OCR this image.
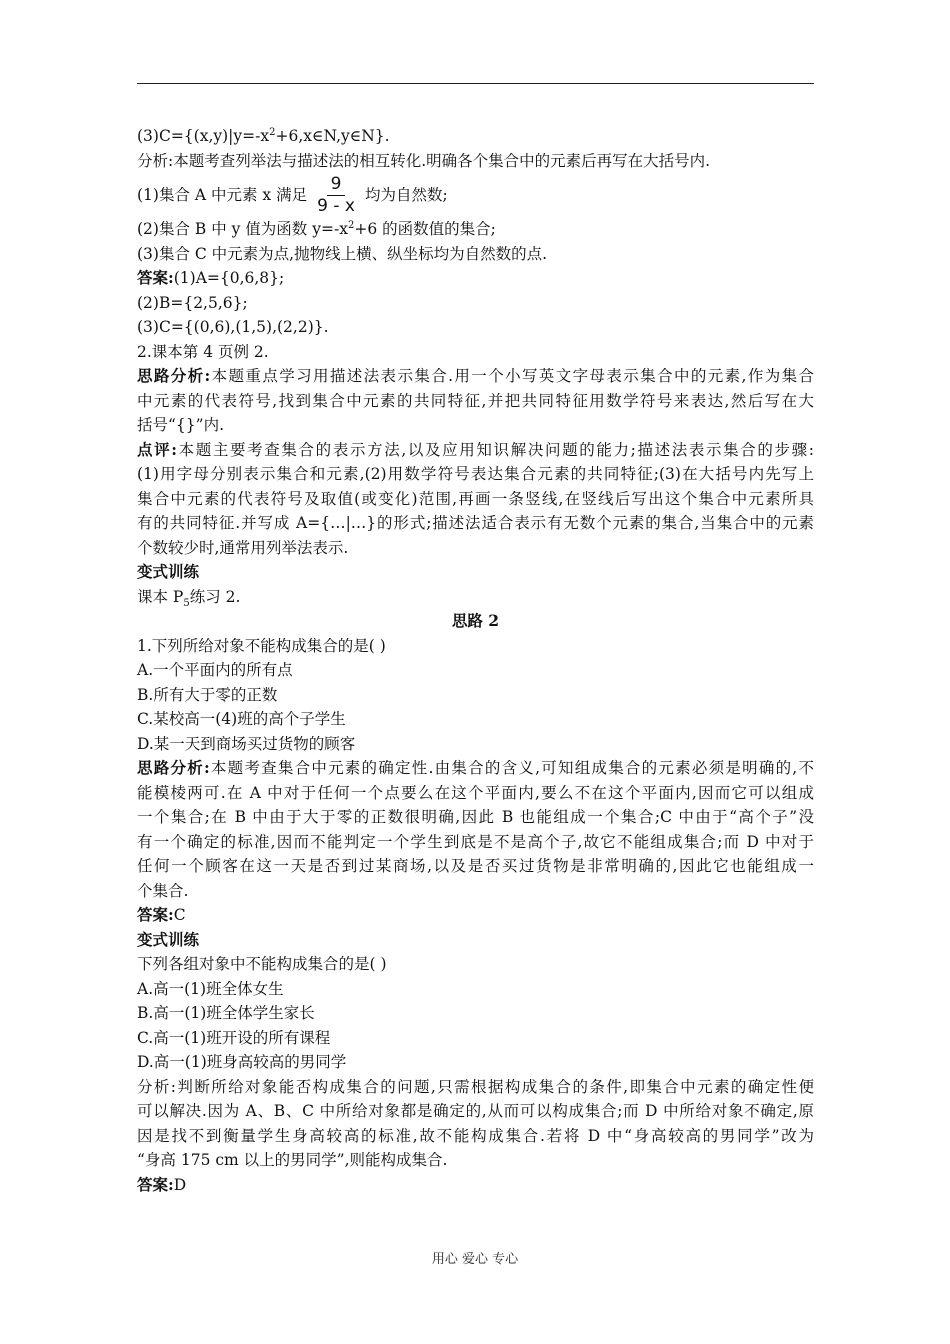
$(3)C=\{(x,y)|y=-x^2+6,x\in N,y\in N\}$.
分析:本题考查列举法与描述法的相互转化.明确各个集合中的元素后再写在大括号内.
(1)集合 A 中元素 x 满足 $\frac{9}{9 - x}$ 均为自然数;
(2)集合 B 中 y 值为函数 $y=-x^2+6$ 的函数值的集合;
(3)集合 C 中元素为点,抛物线上横、纵坐标均为自然数的点.
答案:(1)A={0,6,8};
(2)B={2,5,6};
(3)C={(0,6),(1,5),(2,2)}.
2.课本第 4 页例 2.
思路分析:本题重点学习用描述法表示集合.用一个小写英文字母表示集合中的元素,作为集合
中元素的代表符号,找到集合中元素的共同特征,并把共同特征用数学符号来表达,然后写在大
括号“{}”内.
点评:本题主要考查集合的表示方法,以及应用知识解决问题的能力;描述法表示集合的步骤:
(1)用字母分别表示集合和元素,(2)用数学符号表达集合元素的共同特征;(3)在大括号内先写上
集合中元素的代表符号及取值(或变化)范围,再画一条竖线,在竖线后写出这个集合中元素所具
有的共同特征.并写成 A={…|…}的形式;描述法适合表示有无数个元素的集合,当集合中的元素
个数较少时,通常用列举法表示.
变式训练
课本 $P_5$练习 2.
思路 2
1.下列所给对象不能构成集合的是( )
A.一个平面内的所有点
B.所有大于零的正数
C.某校高一(4)班的高个子学生
D.某一天到商场买过货物的顾客
思路分析:本题考查集合中元素的确定性.由集合的含义,可知组成集合的元素必须是明确的,不
能模棱两可.在 A 中对于任何一个点要么在这个平面内,要么不在这个平面内,因而它可以组成
一个集合;在 B 中由于大于零的正数很明确,因此 B 也能组成一个集合;C 中由于“高个子”没
有一个确定的标准,因而不能判定一个学生到底是不是高个子,故它不能组成集合;而 D 中对于
任何一个顾客在这一天是否到过某商场,以及是否买过货物是非常明确的,因此它也能组成一
个集合.
答案:C
变式训练
下列各组对象中不能构成集合的是( )
A.高一(1)班全体女生
B.高一(1)班全体学生家长
C.高一(1)班开设的所有课程
D.高一(1)班身高较高的男同学
分析:判断所给对象能否构成集合的问题,只需根据构成集合的条件,即集合中元素的确定性便
可以解决.因为 A、B、C 中所给对象都是确定的,从而可以构成集合;而 D 中所给对象不确定,原
因是找不到衡量学生身高较高的标准,故不能构成集合.若将 D 中“身高较高的男同学”改为
“身高 175 cm 以上的男同学”,则能构成集合.
答案:D
用心 爱心 专心
